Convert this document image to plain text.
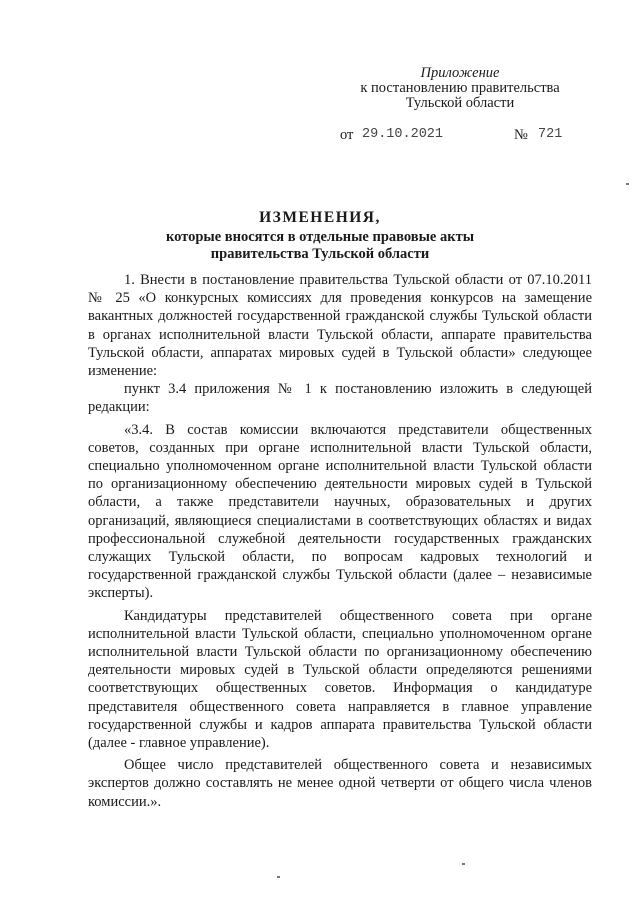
Приложение
к постановлению правительства
Тульской области
от 29.10.2021	№ 721
ИЗМЕНЕНИЯ,
которые вносятся в отдельные правовые акты
правительства Тульской области

1. Внести в постановление правительства Тульской области от 07.10.2011 № 25 «О конкурсных комиссиях для проведения конкурсов на замещение вакантных должностей государственной гражданской службы Тульской области в органах исполнительной власти Тульской области, аппарате правительства Тульской области, аппаратах мировых судей в Тульской области» следующее изменение:

пункт 3.4 приложения № 1 к постановлению изложить в следующей редакции:

«3.4. В состав комиссии включаются представители общественных советов, созданных при органе исполнительной власти Тульской области, специально уполномоченном органе исполнительной власти Тульской области по организационному обеспечению деятельности мировых судей в Тульской области, а также представители научных, образовательных и других организаций, являющиеся специалистами в соответствующих областях и видах профессиональной служебной деятельности государственных гражданских служащих Тульской области, по вопросам кадровых технологий и государственной гражданской службы Тульской области (далее – независимые эксперты).

Кандидатуры представителей общественного совета при органе исполнительной власти Тульской области, специально уполномоченном органе исполнительной власти Тульской области по организационному обеспечению деятельности мировых судей в Тульской области определяются решениями соответствующих общественных советов. Информация о кандидатуре представителя общественного совета направляется в главное управление государственной службы и кадров аппарата правительства Тульской области (далее - главное управление).

Общее число представителей общественного совета и независимых экспертов должно составлять не менее одной четверти от общего числа членов комиссии.».
